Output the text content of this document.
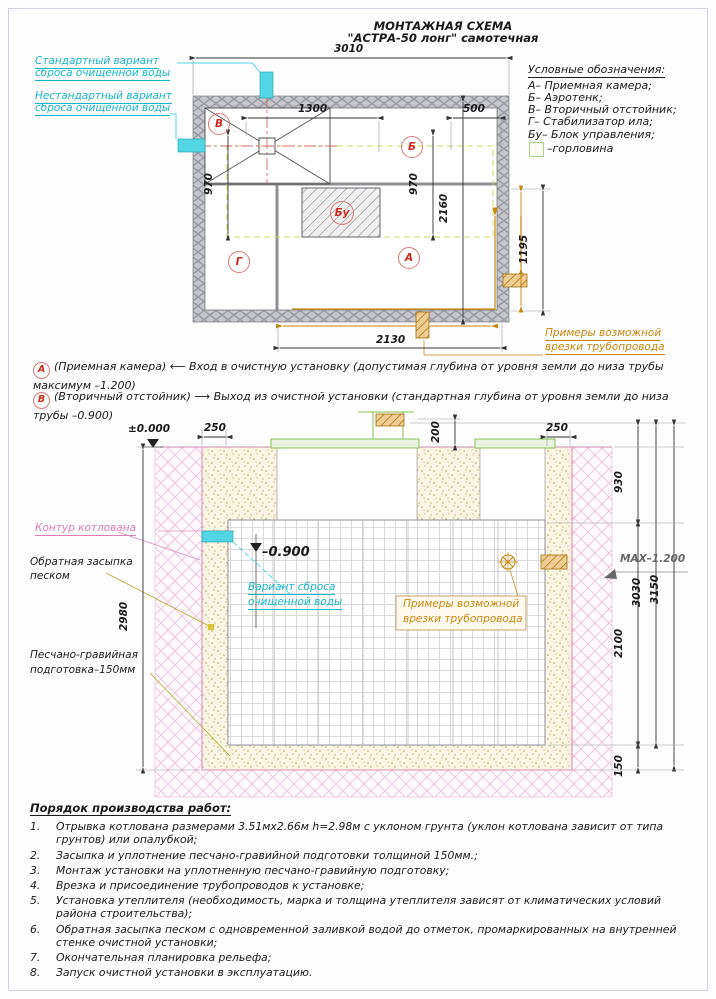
МОНТАЖНАЯ СХЕМА
"АСТРА-50 лонг" самотечная
Условные обозначения:
А– Приемная камера;
Б– Аэротенк;
В– Вторичный отстойник;
Г– Стабилизатор ила;
Бу– Блок управления;
–горловина
Стандартный вариант
сброса очищенной воды
Нестандартный вариант
сброса очищенной воды
В
Б
Г	А
Бу
3010
1300	500
970	970
2160
2130
1195
Примеры возможной
врезки трубопровода
А (Приемная камера) ⟵ Вход в очистную установку (допустимая глубина от уровня земли до низа трубы максимум –1.200)
В (Вторичный отстойник) ⟶ Выход из очистной установки (стандартная глубина от уровня земли до низа трубы –0.900)
±0.000
–0.900	МАХ–1.200
250	250
200
930
2980
2100
150
3030 3150
Контур котлована
Обратная засыпка
песком
Песчано-гравийная
подготовка–150мм
Вариант сброса
очищенной воды	Примеры возможной
врезки трубопровода
Порядок производства работ:
1.	Отрывка котлована размерами 3.51мх2.66м h=2.98м с уклоном грунта (уклон котлована зависит от типа грунтов) или опалубкой;
2.	Засыпка и уплотнение песчано-гравийной подготовки толщиной 150мм.;
3.	Монтаж установки на уплотненную песчано-гравийную подготовку;
4.	Врезка и присоединение трубопроводов к установке;
5.	Установка утеплителя (необходимость, марка и толщина утеплителя зависят от климатических условий района строительства);
6.	Обратная засыпка песком с одновременной заливкой водой до отметок, промаркированных на внутренней стенке очистной установки;
7.	Окончательная планировка рельефа;
8.	Запуск очистной установки в эксплуатацию.
